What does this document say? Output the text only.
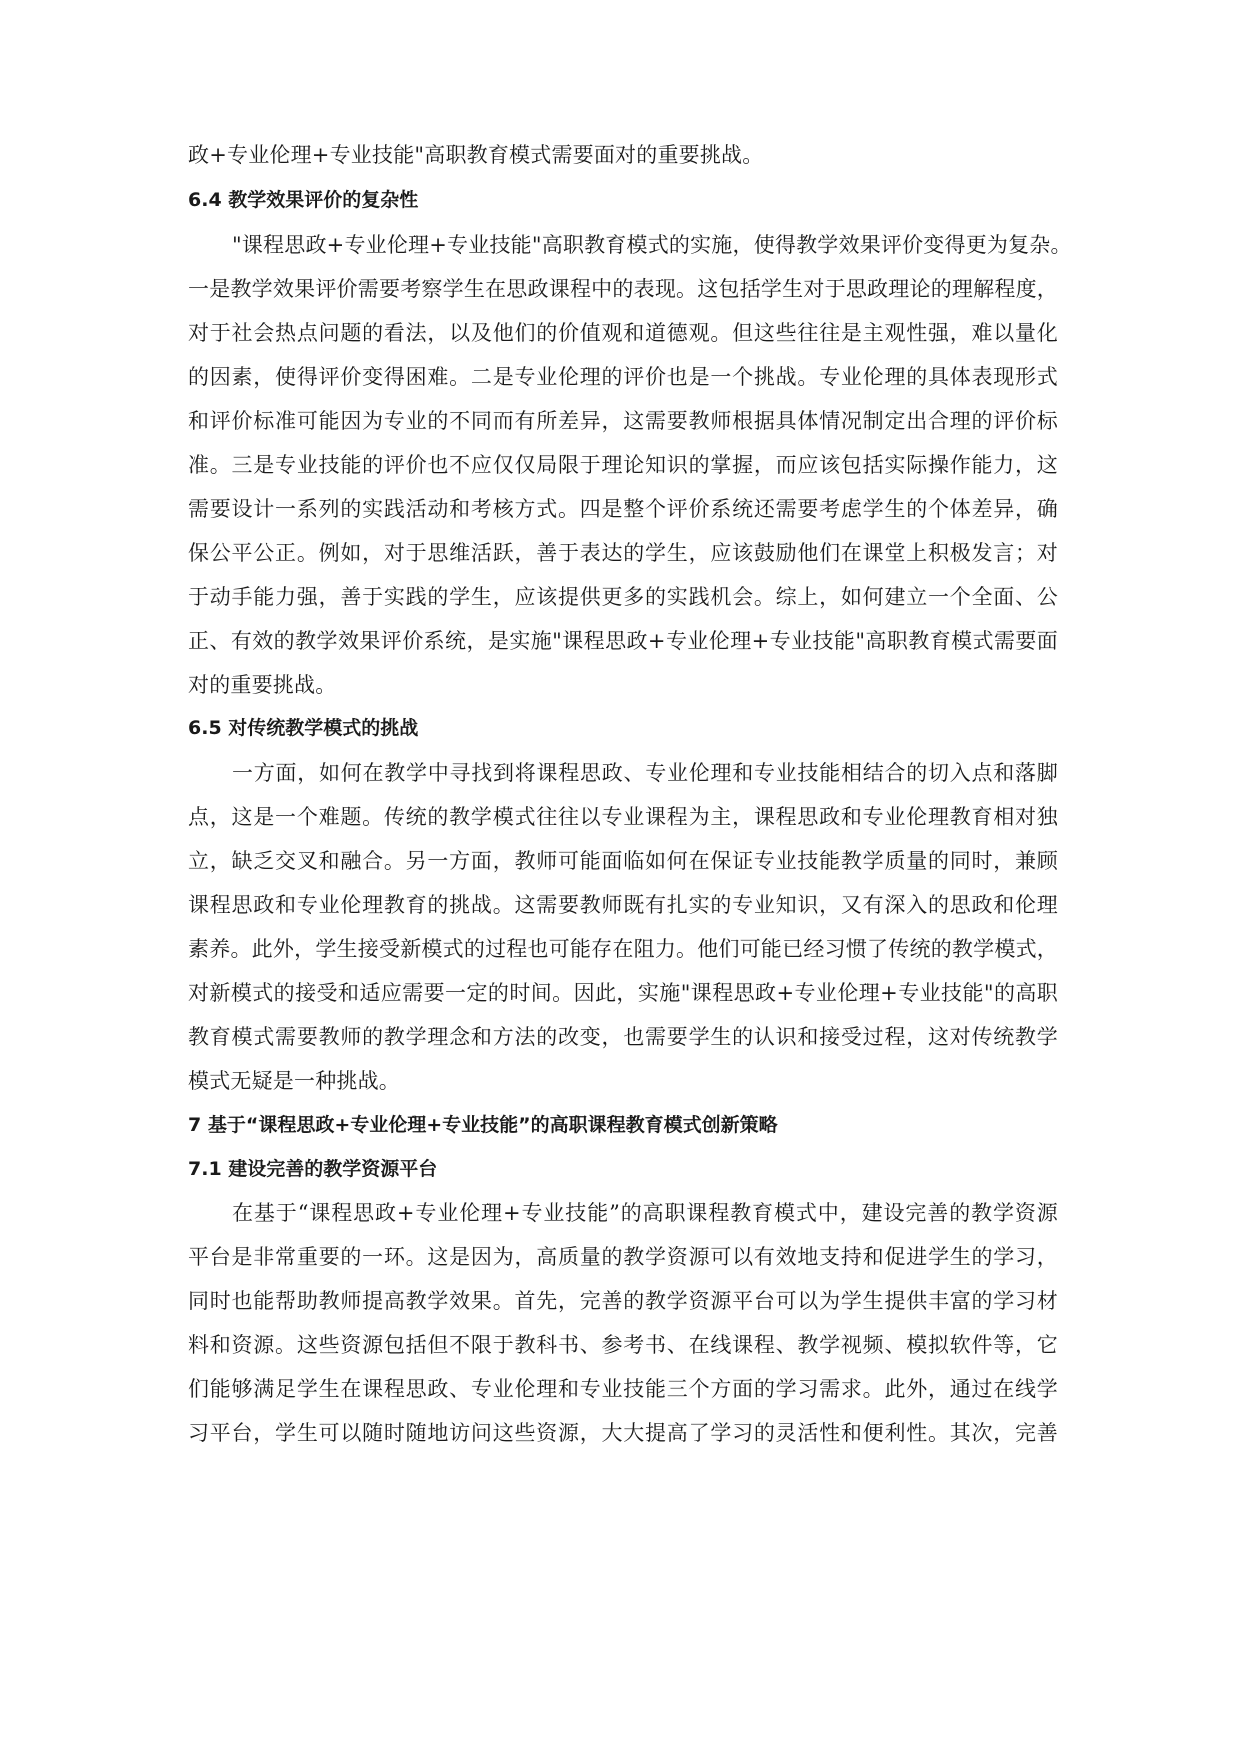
政+专业伦理+专业技能"高职教育模式需要面对的重要挑战。
6.4 教学效果评价的复杂性
"课程思政+专业伦理+专业技能"高职教育模式的实施，使得教学效果评价变得更为复杂。
一是教学效果评价需要考察学生在思政课程中的表现。这包括学生对于思政理论的理解程度，
对于社会热点问题的看法，以及他们的价值观和道德观。但这些往往是主观性强，难以量化
的因素，使得评价变得困难。二是专业伦理的评价也是一个挑战。专业伦理的具体表现形式
和评价标准可能因为专业的不同而有所差异，这需要教师根据具体情况制定出合理的评价标
准。三是专业技能的评价也不应仅仅局限于理论知识的掌握，而应该包括实际操作能力，这
需要设计一系列的实践活动和考核方式。四是整个评价系统还需要考虑学生的个体差异，确
保公平公正。例如，对于思维活跃，善于表达的学生，应该鼓励他们在课堂上积极发言；对
于动手能力强，善于实践的学生，应该提供更多的实践机会。综上，如何建立一个全面、公
正、有效的教学效果评价系统，是实施"课程思政+专业伦理+专业技能"高职教育模式需要面
对的重要挑战。
6.5 对传统教学模式的挑战
一方面，如何在教学中寻找到将课程思政、专业伦理和专业技能相结合的切入点和落脚
点，这是一个难题。传统的教学模式往往以专业课程为主，课程思政和专业伦理教育相对独
立，缺乏交叉和融合。另一方面，教师可能面临如何在保证专业技能教学质量的同时，兼顾
课程思政和专业伦理教育的挑战。这需要教师既有扎实的专业知识，又有深入的思政和伦理
素养。此外，学生接受新模式的过程也可能存在阻力。他们可能已经习惯了传统的教学模式，
对新模式的接受和适应需要一定的时间。因此，实施"课程思政+专业伦理+专业技能"的高职
教育模式需要教师的教学理念和方法的改变，也需要学生的认识和接受过程，这对传统教学
模式无疑是一种挑战。
7 基于“课程思政+专业伦理+专业技能”的高职课程教育模式创新策略
7.1 建设完善的教学资源平台
在基于“课程思政+专业伦理+专业技能”的高职课程教育模式中，建设完善的教学资源
平台是非常重要的一环。这是因为，高质量的教学资源可以有效地支持和促进学生的学习，
同时也能帮助教师提高教学效果。首先，完善的教学资源平台可以为学生提供丰富的学习材
料和资源。这些资源包括但不限于教科书、参考书、在线课程、教学视频、模拟软件等，它
们能够满足学生在课程思政、专业伦理和专业技能三个方面的学习需求。此外，通过在线学
习平台，学生可以随时随地访问这些资源，大大提高了学习的灵活性和便利性。其次，完善
